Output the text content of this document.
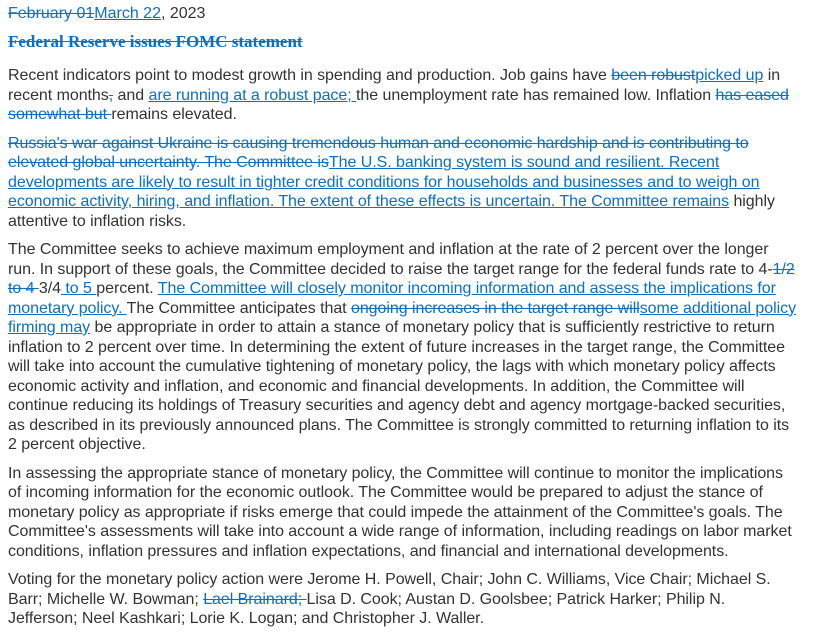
February 01March 22, 2023
Federal Reserve issues FOMC statement

Recent indicators point to modest growth in spending and production. Job gains have been robustpicked up in recent months, and are running at a robust pace; the unemployment rate has remained low. Inflation has eased somewhat but remains elevated.

Russia's war against Ukraine is causing tremendous human and economic hardship and is contributing to elevated global uncertainty. The Committee isThe U.S. banking system is sound and resilient. Recent developments are likely to result in tighter credit conditions for households and businesses and to weigh on economic activity, hiring, and inflation. The extent of these effects is uncertain. The Committee remains highly attentive to inflation risks.

The Committee seeks to achieve maximum employment and inflation at the rate of 2 percent over the longer run. In support of these goals, the Committee decided to raise the target range for the federal funds rate to 4-1/2 to 4 3/4 to 5 percent. The Committee will closely monitor incoming information and assess the implications for monetary policy. The Committee anticipates that ongoing increases in the target range willsome additional policy firming may be appropriate in order to attain a stance of monetary policy that is sufficiently restrictive to return inflation to 2 percent over time. In determining the extent of future increases in the target range, the Committee will take into account the cumulative tightening of monetary policy, the lags with which monetary policy affects economic activity and inflation, and economic and financial developments. In addition, the Committee will continue reducing its holdings of Treasury securities and agency debt and agency mortgage-backed securities, as described in its previously announced plans. The Committee is strongly committed to returning inflation to its 2 percent objective.

In assessing the appropriate stance of monetary policy, the Committee will continue to monitor the implications of incoming information for the economic outlook. The Committee would be prepared to adjust the stance of monetary policy as appropriate if risks emerge that could impede the attainment of the Committee's goals. The Committee's assessments will take into account a wide range of information, including readings on labor market conditions, inflation pressures and inflation expectations, and financial and international developments.

Voting for the monetary policy action were Jerome H. Powell, Chair; John C. Williams, Vice Chair; Michael S. Barr; Michelle W. Bowman; Lael Brainard; Lisa D. Cook; Austan D. Goolsbee; Patrick Harker; Philip N. Jefferson; Neel Kashkari; Lorie K. Logan; and Christopher J. Waller.
